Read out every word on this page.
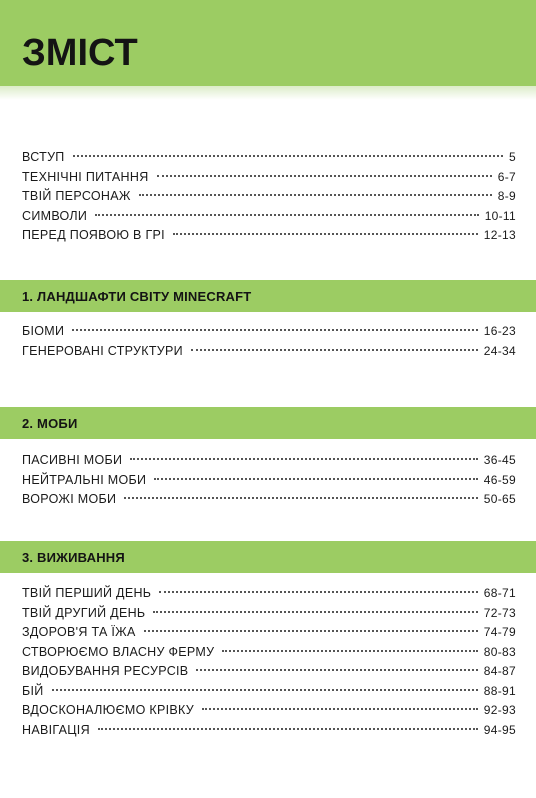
ЗМІСТ
ВСТУП	5
ТЕХНІЧНІ ПИТАННЯ	6-7
ТВІЙ ПЕРСОНАЖ	8-9
СИМВОЛИ	10-11
ПЕРЕД ПОЯВОЮ В ГРІ	12-13
1. ЛАНДШАФТИ СВІТУ MINECRAFT
БІОМИ	16-23
ГЕНЕРОВАНІ СТРУКТУРИ	24-34
2. МОБИ
ПАСИВНІ МОБИ	36-45
НЕЙТРАЛЬНІ МОБИ	46-59
ВОРОЖІ МОБИ	50-65
3. ВИЖИВАННЯ
ТВІЙ ПЕРШИЙ ДЕНЬ	68-71
ТВІЙ ДРУГИЙ ДЕНЬ	72-73
ЗДОРОВ'Я ТА ЇЖА	74-79
СТВОРЮЄМО ВЛАСНУ ФЕРМУ	80-83
ВИДОБУВАННЯ РЕСУРСІВ	84-87
БІЙ	88-91
ВДОСКОНАЛЮЄМО КРІВКУ	92-93
НАВІГАЦІЯ	94-95
